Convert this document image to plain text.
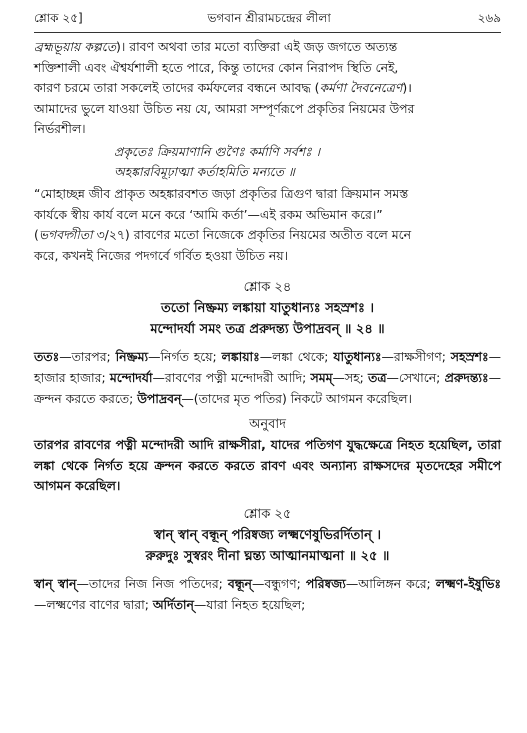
শ্লোক ২৫]	ভগবান শ্রীরামচন্দ্রের লীলা	২৬৯

ব্রহ্মভূয়ায় কল্পতে)। রাবণ অথবা তার মতো ব্যক্তিরা এই জড় জগতে অত্যন্ত

শক্তিশালী এবং ঐশ্বর্যশালী হতে পারে, কিন্তু তাদের কোন নিরাপদ স্থিতি নেই,

কারণ চরমে তারা সকলেই তাদের কর্মফলের বন্ধনে আবদ্ধ (কর্মণা দৈবনেত্রেণ)।

আমাদের ভুলে যাওয়া উচিত নয় যে, আমরা সম্পূর্ণরূপে প্রকৃতির নিয়মের উপর

নির্ভরশীল।

প্রকৃতেঃ ক্রিয়মাণানি গুণৈঃ কর্মাণি সর্বশঃ ।
অহঙ্কারবিমূঢ়াত্মা কর্তাহমিতি মন্যতে ॥

“মোহাচ্ছন্ন জীব প্রাকৃত অহঙ্কারবশত জড়া প্রকৃতির ত্রিগুণ দ্বারা ক্রিয়মান সমস্ত

কার্যকে স্বীয় কার্য বলে মনে করে ‘আমি কর্তা’—এই রকম অভিমান করে।”

(ভগবদ্গীতা ৩/২৭) রাবণের মতো নিজেকে প্রকৃতির নিয়মের অতীত বলে মনে

করে, কখনই নিজের পদগর্বে গর্বিত হওয়া উচিত নয়।

শ্লোক ২৪
ততো নিষ্ক্রম্য লঙ্কায়া যাতুধান্যঃ সহস্রশঃ ।
মন্দোদর্যা সমং তত্র প্ররুদন্ত্য উপাদ্রবন্ ॥ ২৪ ॥

ততঃ—তারপর; নিষ্ক্রম্য—নির্গত হয়ে; লঙ্কায়াঃ—লঙ্কা থেকে; যাতুধান্যঃ—রাক্ষসীগণ; সহস্রশঃ—হাজার হাজার; মন্দোদর্যা—রাবণের পত্নী মন্দোদরী আদি; সমম্—সহ; তত্র—সেখানে; প্ররুদন্ত্যঃ—ক্রন্দন করতে করতে; উপাদ্রবন্—(তাদের মৃত পতির) নিকটে আগমন করেছিল।

অনুবাদ

তারপর রাবণের পত্নী মন্দোদরী আদি রাক্ষসীরা, যাদের পতিগণ যুদ্ধক্ষেত্রে নিহত হয়েছিল, তারা লঙ্কা থেকে নির্গত হয়ে ক্রন্দন করতে করতে রাবণ এবং অন্যান্য রাক্ষসদের মৃতদেহের সমীপে আগমন করেছিল।

শ্লোক ২৫
স্বান্ স্বান্ বন্ধূন্ পরিষ্বজ্য লক্ষ্মণেষুভিরর্দিতান্ ।
রুরুদুঃ সুস্বরং দীনা ঘ্নন্ত্য আত্মানমাত্মনা ॥ ২৫ ॥

স্বান্ স্বান্—তাদের নিজ নিজ পতিদের; বন্ধূন্—বন্ধুগণ; পরিষ্বজ্য—আলিঙ্গন করে; লক্ষ্মণ-ইষুভিঃ—লক্ষ্মণের বাণের দ্বারা; অর্দিতান্—যারা নিহত হয়েছিল;
